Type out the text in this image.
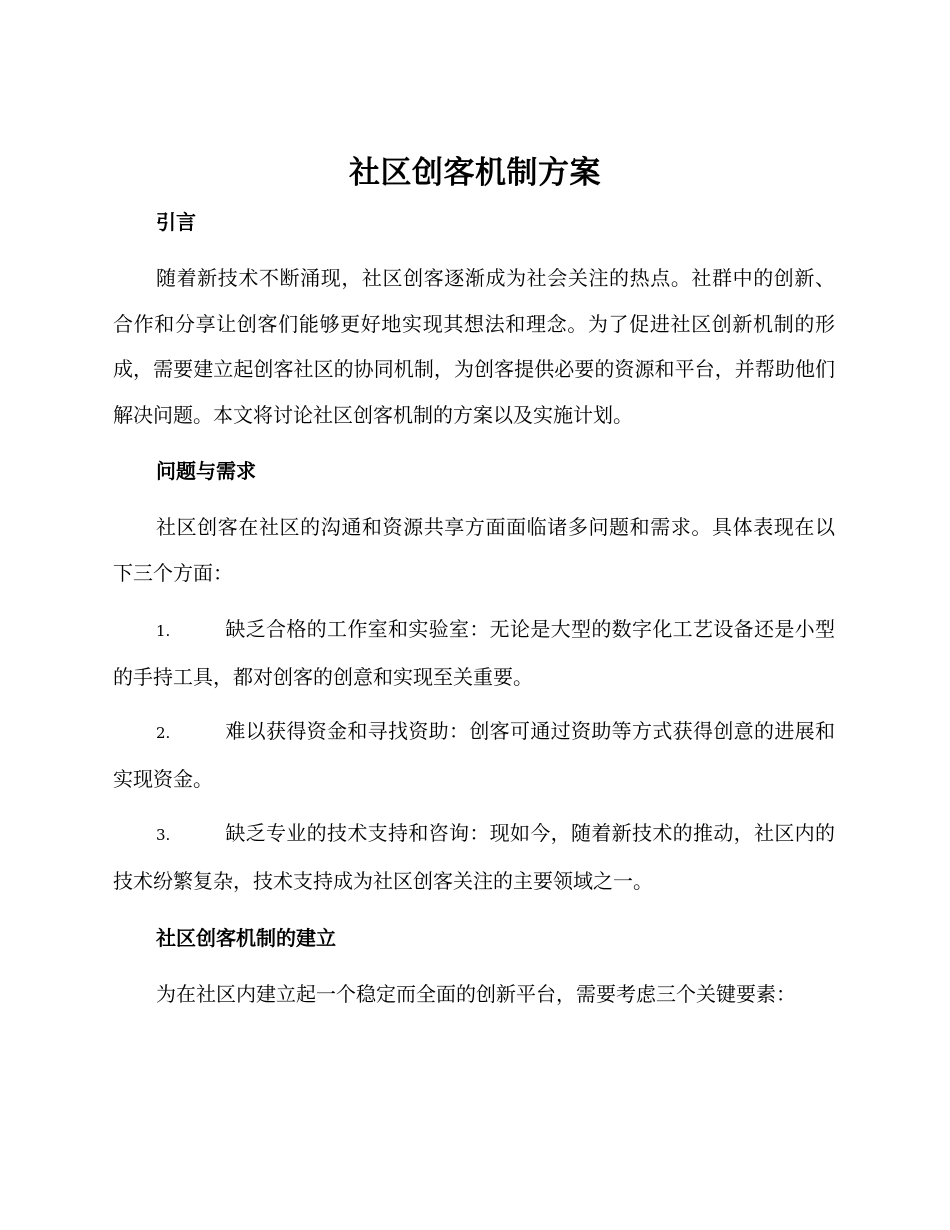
社区创客机制方案
引言
随着新技术不断涌现，社区创客逐渐成为社会关注的热点。社群中的创新、合作和分享让创客们能够更好地实现其想法和理念。为了促进社区创新机制的形成，需要建立起创客社区的协同机制，为创客提供必要的资源和平台，并帮助他们解决问题。本文将讨论社区创客机制的方案以及实施计划。
问题与需求
社区创客在社区的沟通和资源共享方面面临诸多问题和需求。具体表现在以下三个方面：
1.	缺乏合格的工作室和实验室：无论是大型的数字化工艺设备还是小型的手持工具，都对创客的创意和实现至关重要。
2.	难以获得资金和寻找资助：创客可通过资助等方式获得创意的进展和实现资金。
3.	缺乏专业的技术支持和咨询：现如今，随着新技术的推动，社区内的技术纷繁复杂，技术支持成为社区创客关注的主要领域之一。
社区创客机制的建立
为在社区内建立起一个稳定而全面的创新平台，需要考虑三个关键要素：
